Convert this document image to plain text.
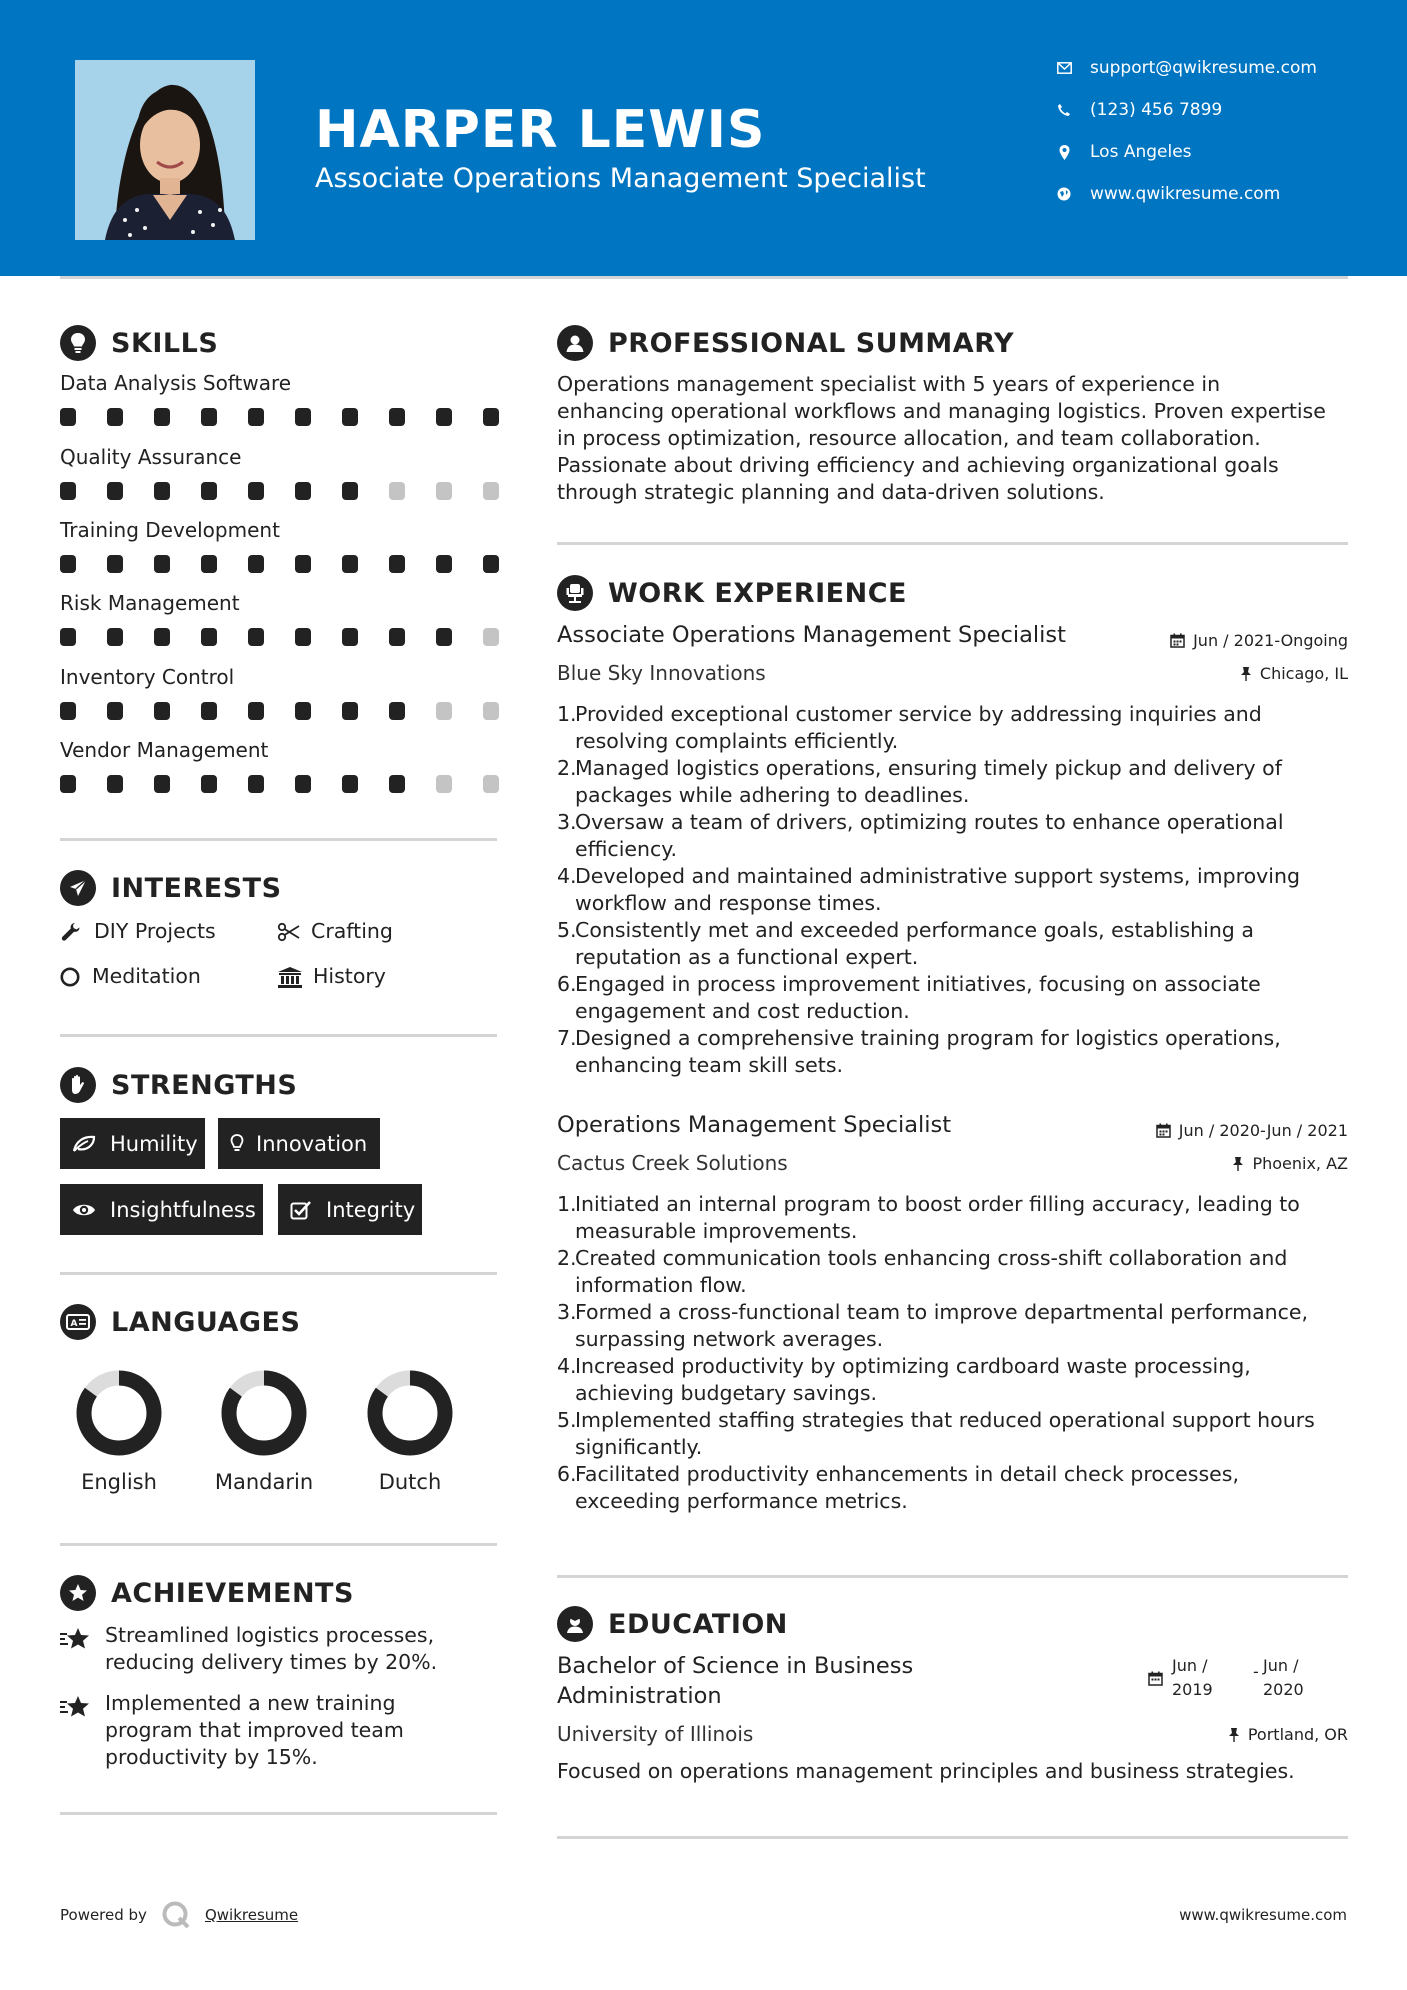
HARPER LEWIS
Associate Operations Management Specialist
support@qwikresume.com
(123) 456 7899
Los Angeles
www.qwikresume.com
SKILLS
Data Analysis Software
Quality Assurance
Training Development
Risk Management
Inventory Control
Vendor Management
INTERESTS
DIY Projects	Crafting
Meditation	History
STRENGTHS
Humility	Innovation
Insightfulness	Integrity
A LANGUAGES
English	Mandarin	Dutch
ACHIEVEMENTS
Streamlined logistics processes,
reducing delivery times by 20%.
Implemented a new training
program that improved team
productivity by 15%.
PROFESSIONAL SUMMARY
Operations management specialist with 5 years of experience in
enhancing operational workflows and managing logistics. Proven expertise
in process optimization, resource allocation, and team collaboration.
Passionate about driving efficiency and achieving organizational goals
through strategic planning and data-driven solutions.
WORK EXPERIENCE
Associate Operations Management Specialist	Jun / 2021-Ongoing
Blue Sky Innovations	Chicago, IL
1.
Provided exceptional customer service by addressing inquiries and
resolving complaints efficiently.
2.
Managed logistics operations, ensuring timely pickup and delivery of
packages while adhering to deadlines.
3.
Oversaw a team of drivers, optimizing routes to enhance operational
efficiency.
4.
Developed and maintained administrative support systems, improving
workflow and response times.
5.
Consistently met and exceeded performance goals, establishing a
reputation as a functional expert.
6.
Engaged in process improvement initiatives, focusing on associate
engagement and cost reduction.
7.
Designed a comprehensive training program for logistics operations,
enhancing team skill sets.
Operations Management Specialist	Jun / 2020-Jun / 2021
Cactus Creek Solutions	Phoenix, AZ
1.
Initiated an internal program to boost order filling accuracy, leading to
measurable improvements.
2.
Created communication tools enhancing cross-shift collaboration and
information flow.
3.
Formed a cross-functional team to improve departmental performance,
surpassing network averages.
4.
Increased productivity by optimizing cardboard waste processing,
achieving budgetary savings.
5.
Implemented staffing strategies that reduced operational support hours
significantly.
6.
Facilitated productivity enhancements in detail check processes,
exceeding performance metrics.
EDUCATION
Bachelor of Science in Business
Administration
Jun /
2019
- Jun /
2020
University of Illinois	Portland, OR
Focused on operations management principles and business strategies.
Powered by	Qwikresume	www.qwikresume.com
